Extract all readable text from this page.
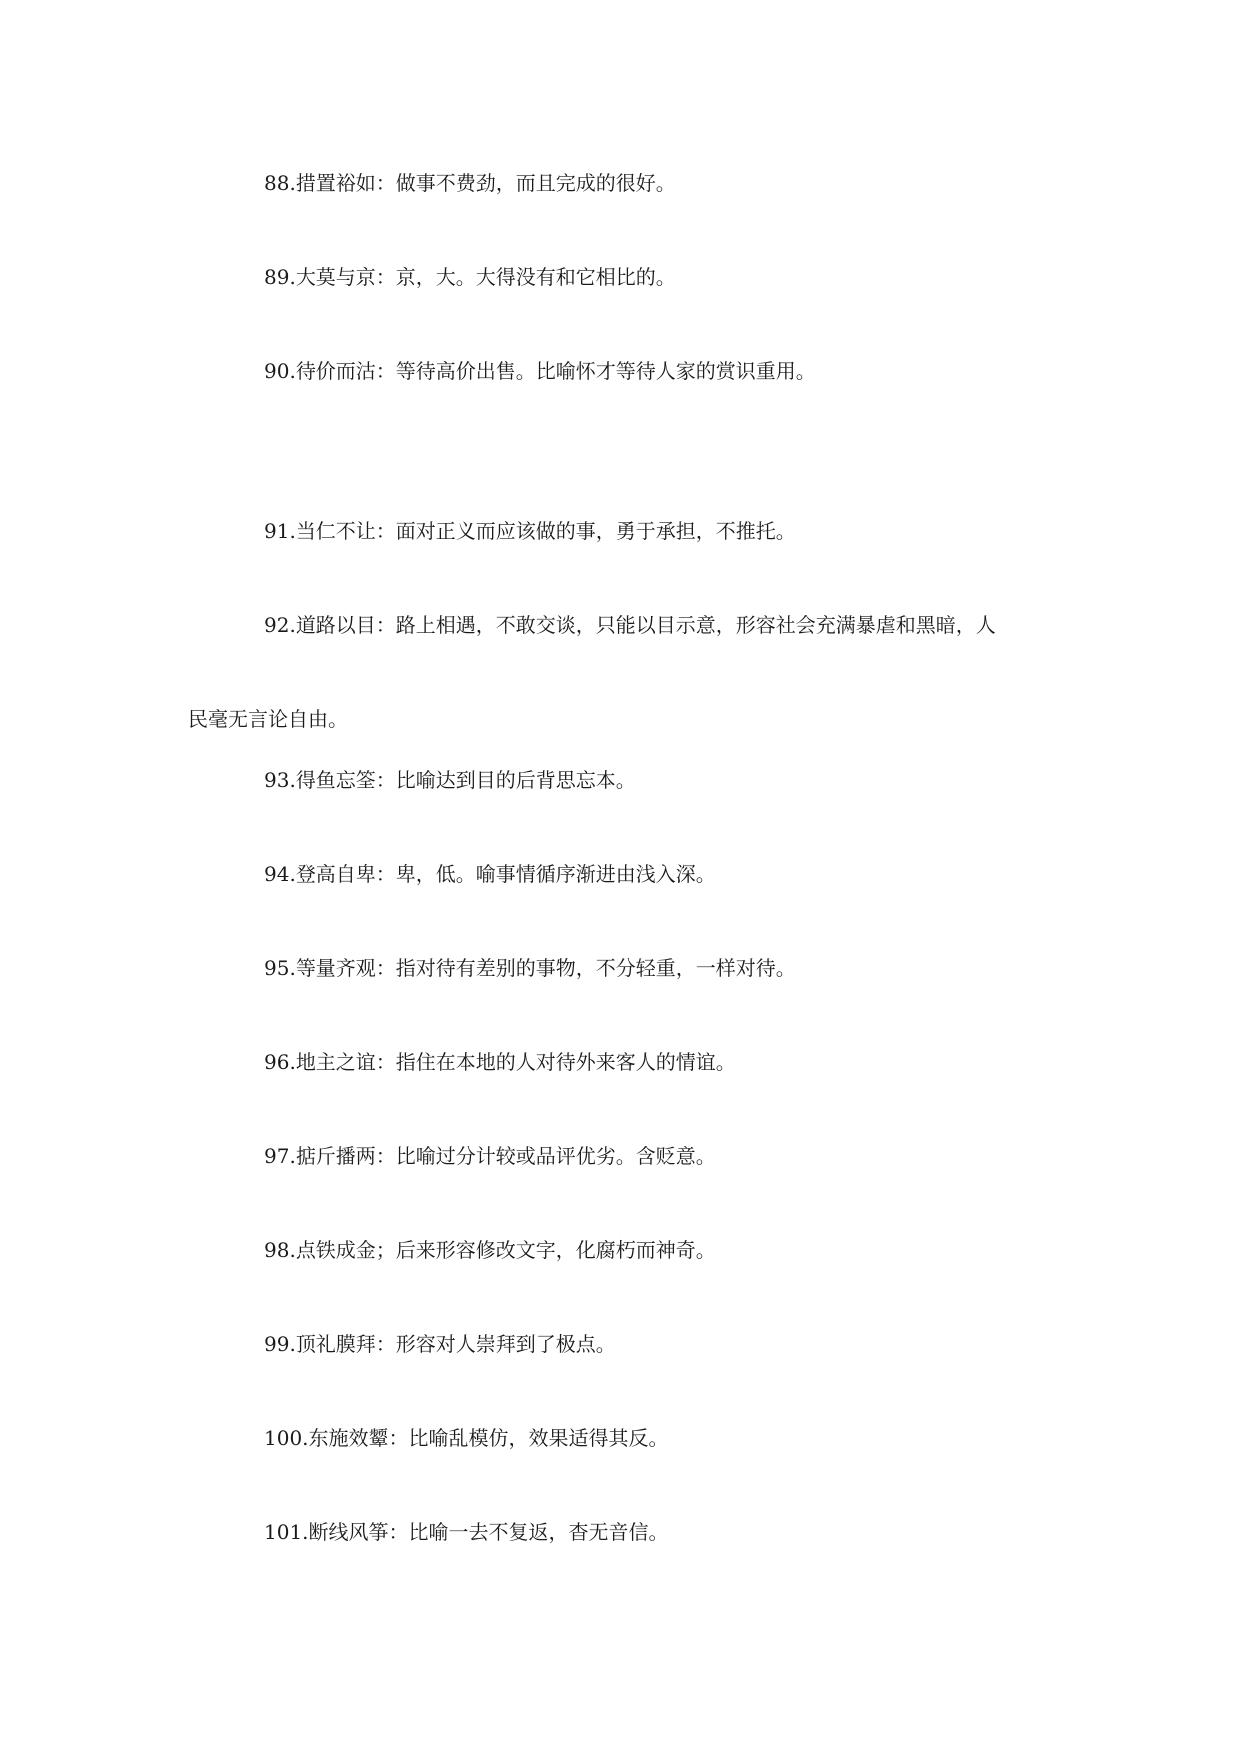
88.措置裕如：做事不费劲，而且完成的很好。
89.大莫与京：京，大。大得没有和它相比的。
90.待价而沽：等待高价出售。比喻怀才等待人家的赏识重用。
91.当仁不让：面对正义而应该做的事，勇于承担，不推托。
92.道路以目：路上相遇，不敢交谈，只能以目示意，形容社会充满暴虐和黑暗，人
民毫无言论自由。
93.得鱼忘筌：比喻达到目的后背思忘本。
94.登高自卑：卑，低。喻事情循序渐进由浅入深。
95.等量齐观：指对待有差别的事物，不分轻重，一样对待。
96.地主之谊：指住在本地的人对待外来客人的情谊。
97.掂斤播两：比喻过分计较或品评优劣。含贬意。
98.点铁成金；后来形容修改文字，化腐朽而神奇。
99.顶礼膜拜：形容对人崇拜到了极点。
100.东施效颦：比喻乱模仿，效果适得其反。
101.断线风筝：比喻一去不复返，杳无音信。
